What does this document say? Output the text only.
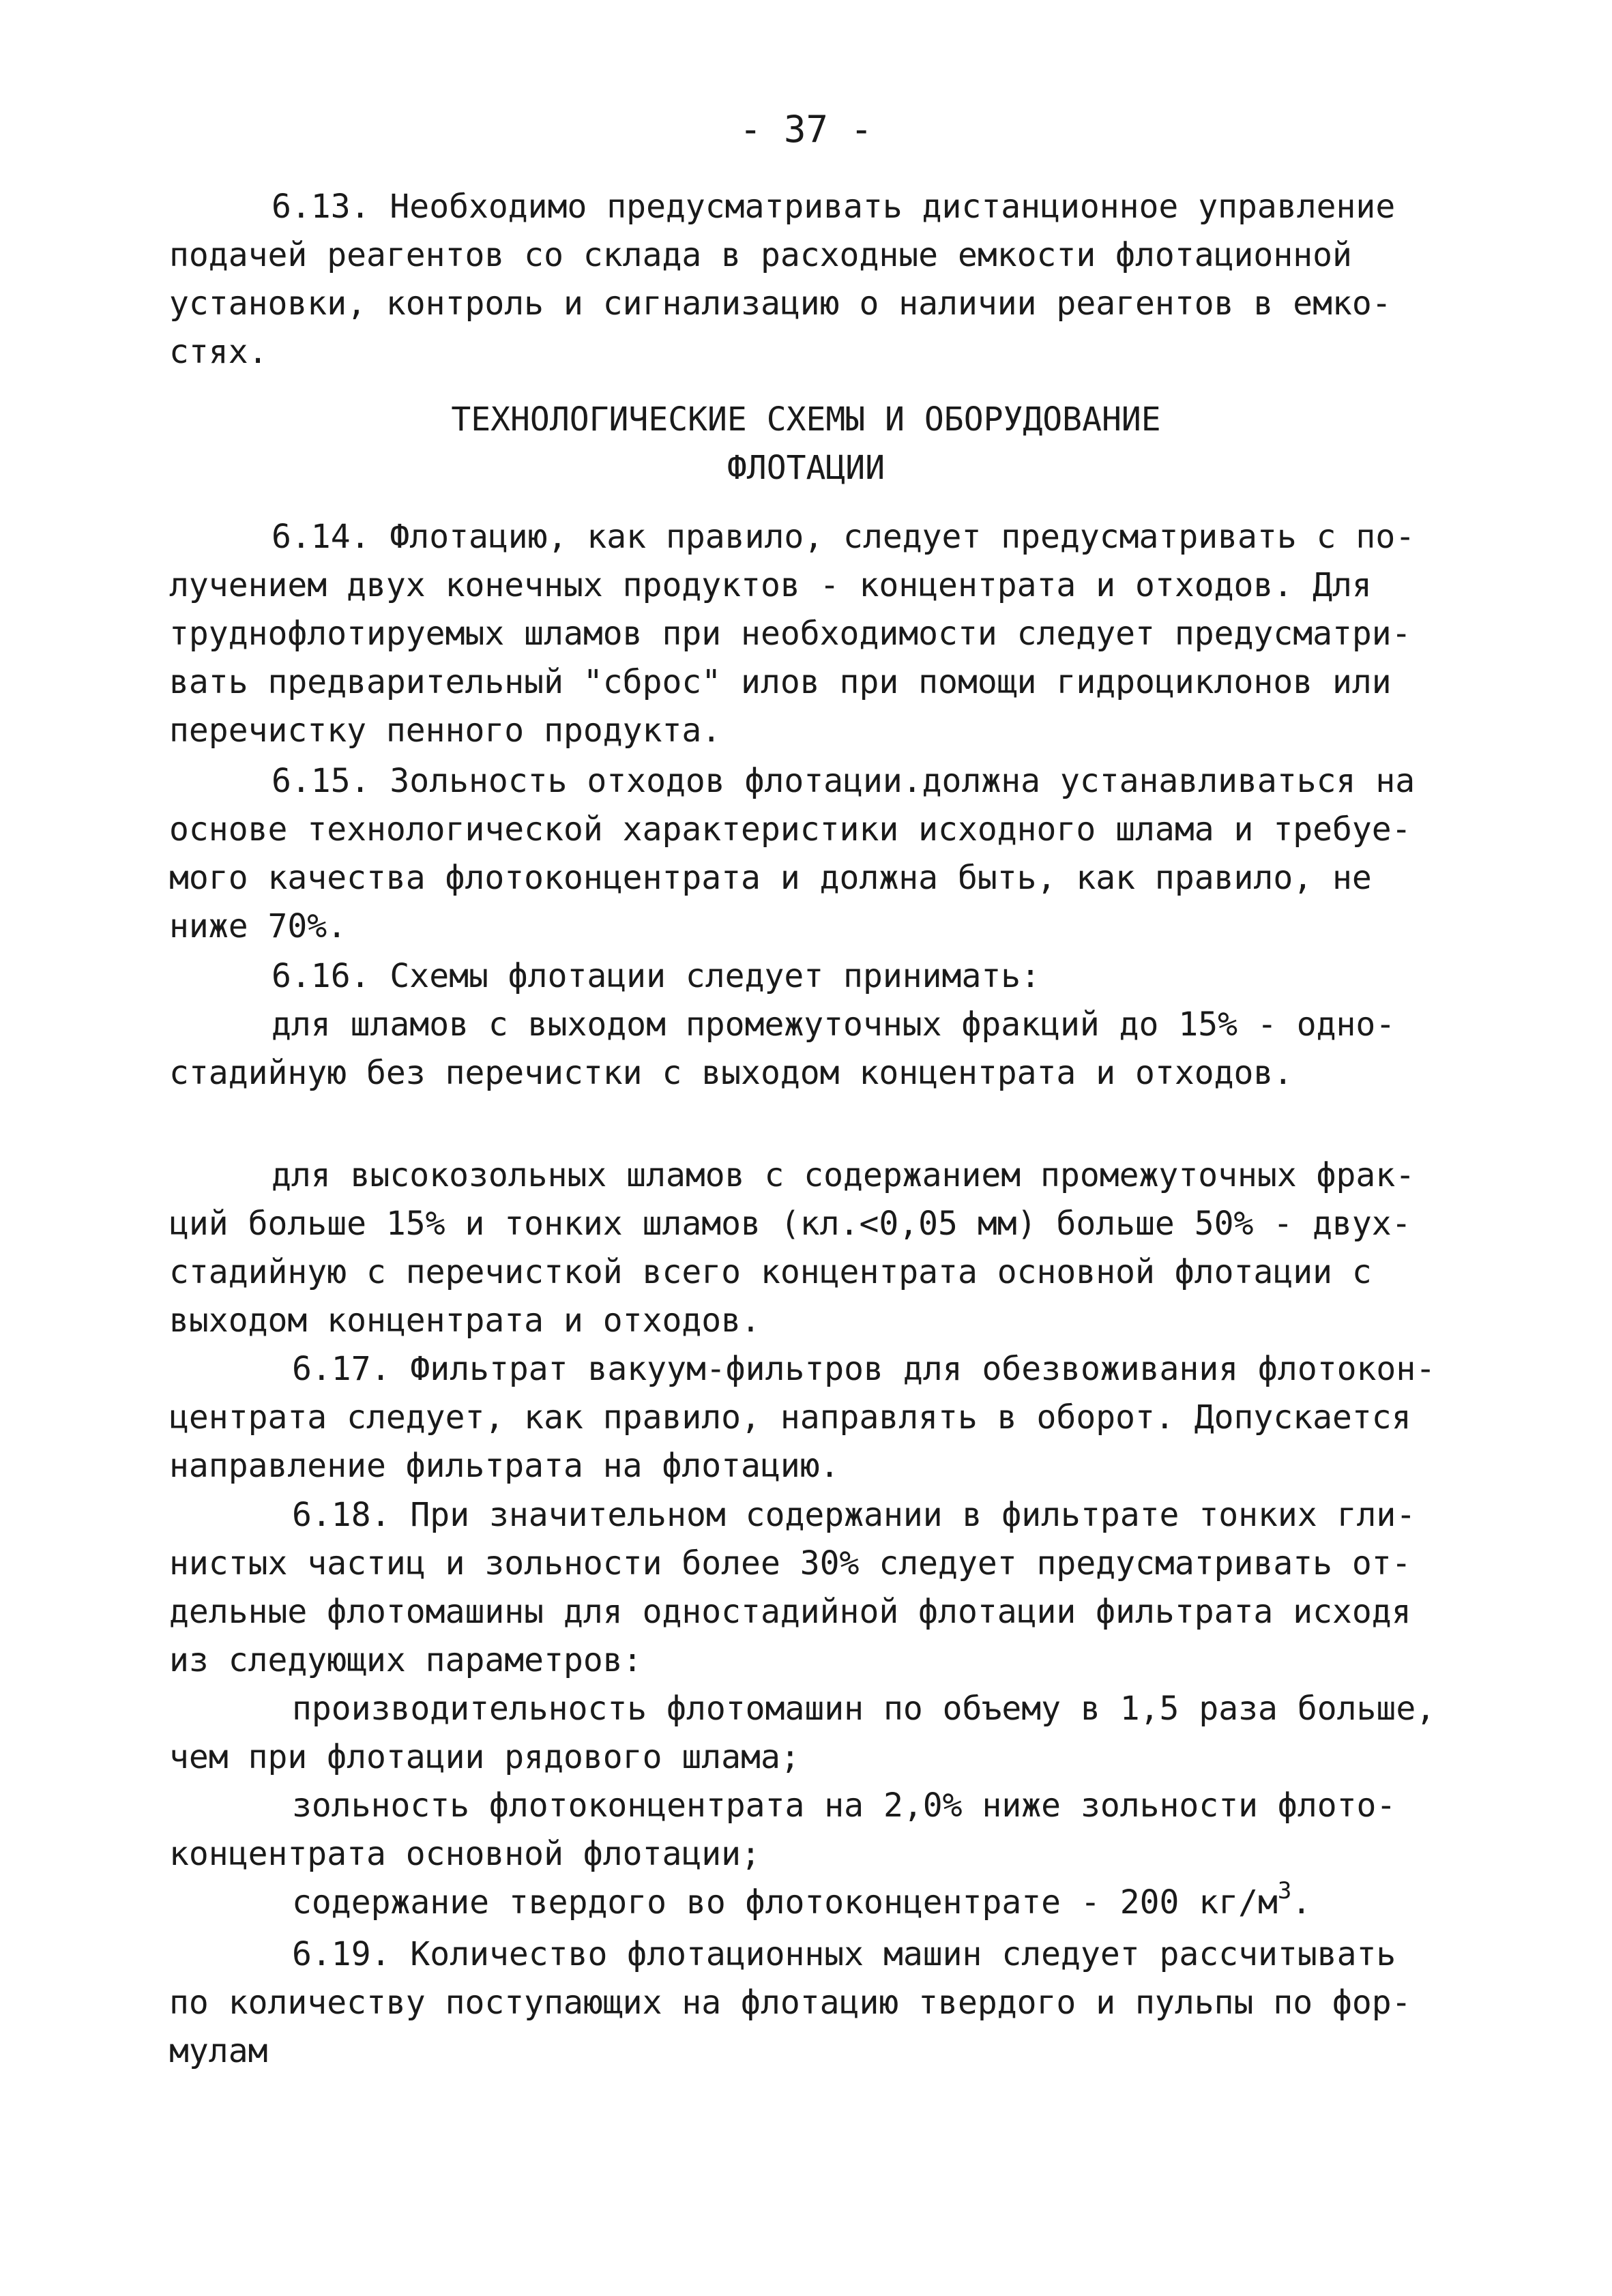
- 37 -
6.13. Необходимо предусматривать дистанционное управление
подачей реагентов со склада в расходные емкости флотационной
установки, контроль и сигнализацию о наличии реагентов в емко-
стях.
ТЕХНОЛОГИЧЕСКИЕ СХЕМЫ И ОБОРУДОВАНИЕ
ФЛОТАЦИИ
6.14. Флотацию, как правило, следует предусматривать с по-
лучением двух конечных продуктов - концентрата и отходов. Для
труднофлотируемых шламов при необходимости следует предусматри-
вать предварительный "сброс" илов при помощи гидроциклонов или
перечистку пенного продукта.
6.15. Зольность отходов флотации.должна устанавливаться на
основе технологической характеристики исходного шлама и требуе-
мого качества флотоконцентрата и должна быть, как правило, не
ниже 70%.
6.16. Схемы флотации следует принимать:
для шламов с выходом промежуточных фракций до 15% - одно-
стадийную без перечистки с выходом концентрата и отходов.
для высокозольных шламов с содержанием промежуточных фрак-
ций больше 15% и тонких шламов (кл.<0,05 мм) больше 50% - двух-
стадийную с перечисткой всего концентрата основной флотации с
выходом концентрата и отходов.
6.17. Фильтрат вакуум-фильтров для обезвоживания флотокон-
центрата следует, как правило, направлять в оборот. Допускается
направление фильтрата на флотацию.
6.18. При значительном содержании в фильтрате тонких гли-
нистых частиц и зольности более 30% следует предусматривать от-
дельные флотомашины для одностадийной флотации фильтрата исходя
из следующих параметров:
производительность флотомашин по объему в 1,5 раза больше,
чем при флотации рядового шлама;
зольность флотоконцентрата на 2,0% ниже зольности флото-
концентрата основной флотации;
содержание твердого во флотоконцентрате - 200 $кг/м^3$.
6.19. Количество флотационных машин следует рассчитывать
по количеству поступающих на флотацию твердого и пульпы по фор-
мулам
